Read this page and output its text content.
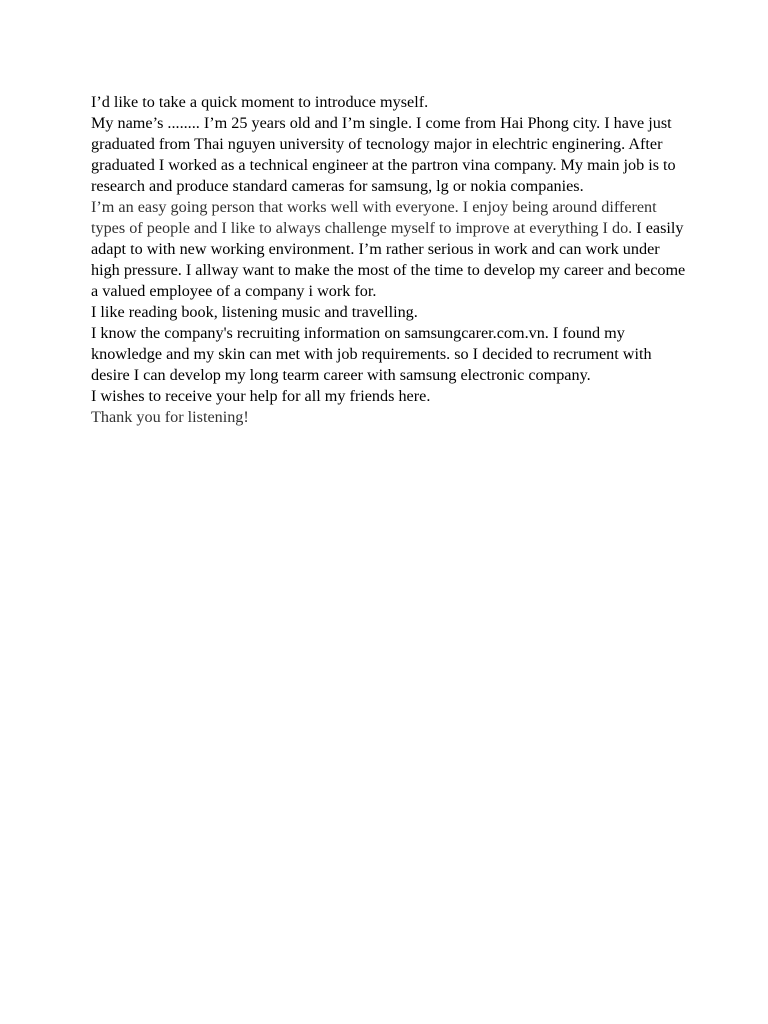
I’d like to take a quick moment to introduce myself.

My name’s ........ I’m 25 years old and I’m single. I come from Hai Phong city. I have just graduated from Thai nguyen university of tecnology major in elechtric enginering. After graduated I worked as a technical engineer at the partron vina company. My main job is to research and produce standard cameras for samsung, lg or nokia companies.

I’m an easy going person that works well with everyone. I enjoy being around different types of people and I like to always challenge myself to improve at everything I do. I easily adapt to with new working environment. I’m rather serious in work and can work under high pressure. I allway want to make the most of the time to develop my career and become a valued employee of a company i work for.

I like reading book, listening music and travelling.

I know the company's recruiting information on samsungcarer.com.vn. I found my knowledge and my skin can met with job requirements. so I decided to recrument with desire I can develop my long tearm career with samsung electronic company.

I wishes to receive your help for all my friends here.

Thank you for listening!
